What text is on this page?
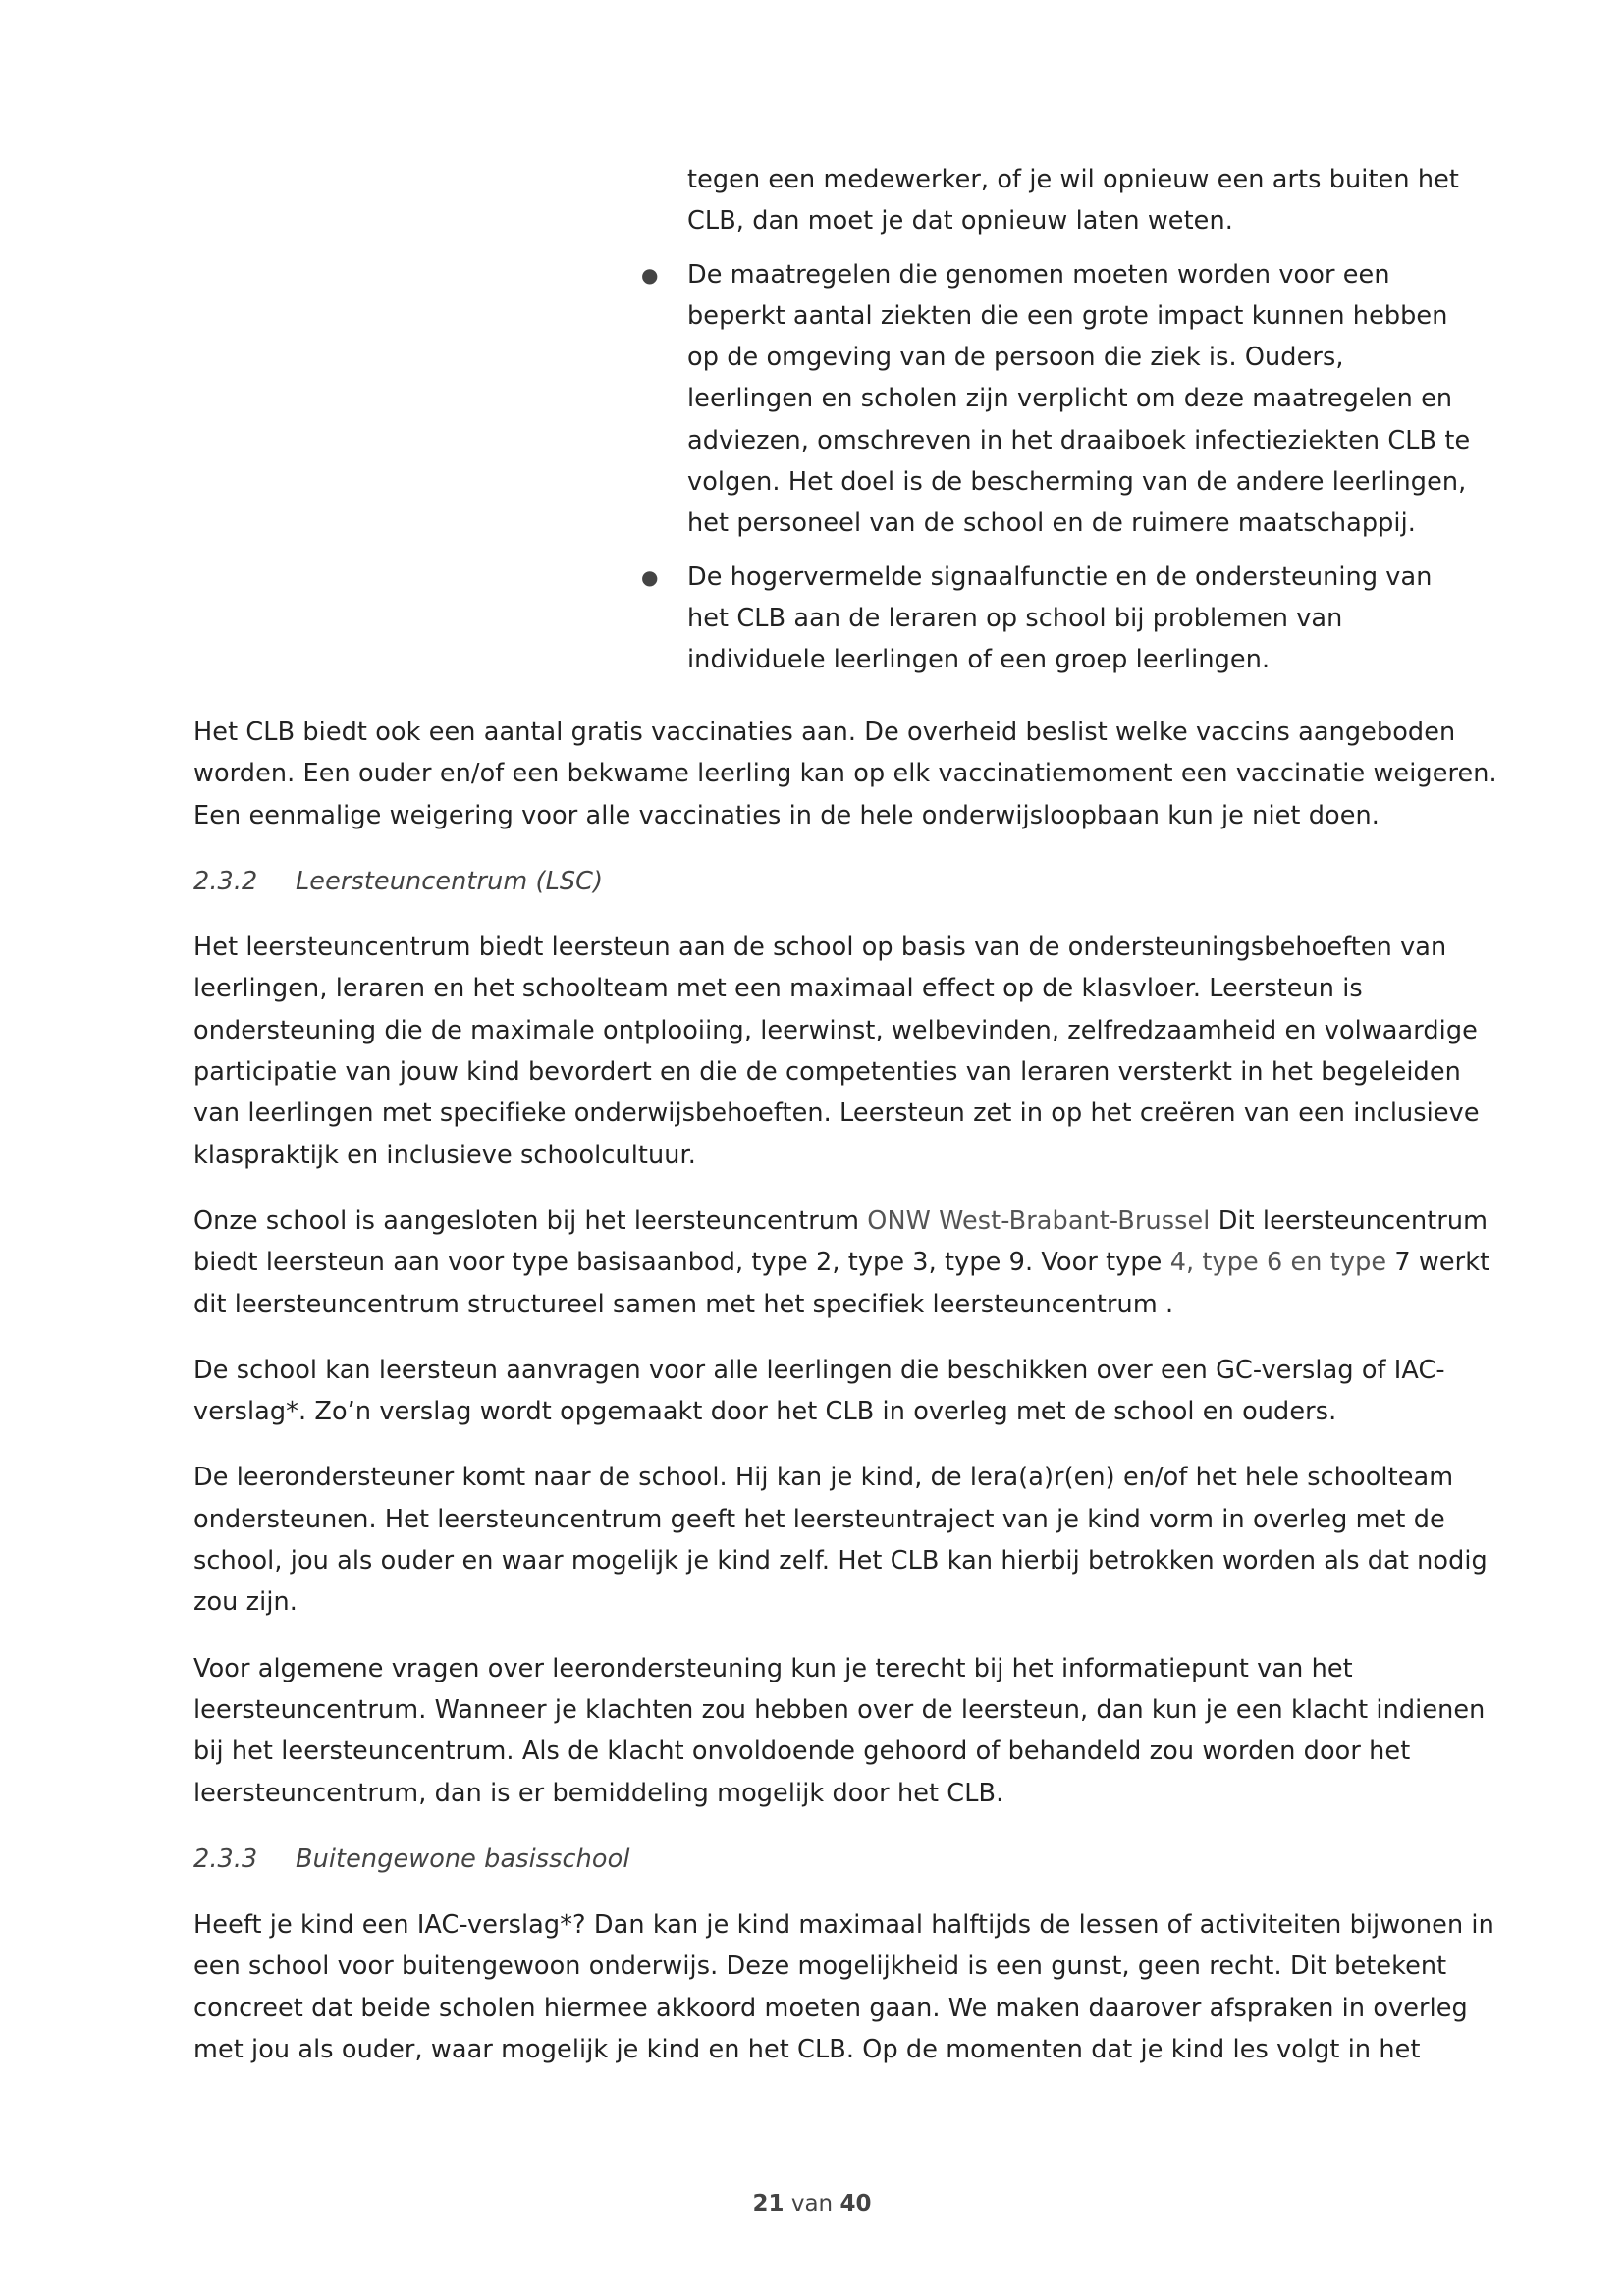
tegen een medewerker, of je wil opnieuw een arts buiten het CLB, dan moet je dat opnieuw laten weten.
● De maatregelen die genomen moeten worden voor een beperkt aantal ziekten die een grote impact kunnen hebben op de omgeving van de persoon die ziek is. Ouders, leerlingen en scholen zijn verplicht om deze maatregelen en adviezen, omschreven in het draaiboek infectieziekten CLB te volgen. Het doel is de bescherming van de andere leerlingen, het personeel van de school en de ruimere maatschappij.
● De hogervermelde signaalfunctie en de ondersteuning van het CLB aan de leraren op school bij problemen van individuele leerlingen of een groep leerlingen.

Het CLB biedt ook een aantal gratis vaccinaties aan. De overheid beslist welke vaccins aangeboden worden. Een ouder en/of een bekwame leerling kan op elk vaccinatiemoment een vaccinatie weigeren. Een eenmalige weigering voor alle vaccinaties in de hele onderwijsloopbaan kun je niet doen.

2.3.2 Leersteuncentrum (LSC)

Het leersteuncentrum biedt leersteun aan de school op basis van de ondersteuningsbehoeften van leerlingen, leraren en het schoolteam met een maximaal effect op de klasvloer. Leersteun is ondersteuning die de maximale ontplooiing, leerwinst, welbevinden, zelfredzaamheid en volwaardige participatie van jouw kind bevordert en die de competenties van leraren versterkt in het begeleiden van leerlingen met specifieke onderwijsbehoeften. Leersteun zet in op het creëren van een inclusieve klaspraktijk en inclusieve schoolcultuur.

Onze school is aangesloten bij het leersteuncentrum ONW West-Brabant-Brussel Dit leersteuncentrum biedt leersteun aan voor type basisaanbod, type 2, type 3, type 9. Voor type 4, type 6 en type 7 werkt dit leersteuncentrum structureel samen met het specifiek leersteuncentrum .

De school kan leersteun aanvragen voor alle leerlingen die beschikken over een GC-verslag of IAC-verslag*. Zo’n verslag wordt opgemaakt door het CLB in overleg met de school en ouders.

De leerondersteuner komt naar de school. Hij kan je kind, de lera(a)r(en) en/of het hele schoolteam ondersteunen. Het leersteuncentrum geeft het leersteuntraject van je kind vorm in overleg met de school, jou als ouder en waar mogelijk je kind zelf. Het CLB kan hierbij betrokken worden als dat nodig zou zijn.

Voor algemene vragen over leerondersteuning kun je terecht bij het informatiepunt van het leersteuncentrum. Wanneer je klachten zou hebben over de leersteun, dan kun je een klacht indienen bij het leersteuncentrum. Als de klacht onvoldoende gehoord of behandeld zou worden door het leersteuncentrum, dan is er bemiddeling mogelijk door het CLB.

2.3.3 Buitengewone basisschool

Heeft je kind een IAC-verslag*? Dan kan je kind maximaal halftijds de lessen of activiteiten bijwonen in een school voor buitengewoon onderwijs. Deze mogelijkheid is een gunst, geen recht. Dit betekent concreet dat beide scholen hiermee akkoord moeten gaan. We maken daarover afspraken in overleg met jou als ouder, waar mogelijk je kind en het CLB. Op de momenten dat je kind les volgt in het

21 van 40
